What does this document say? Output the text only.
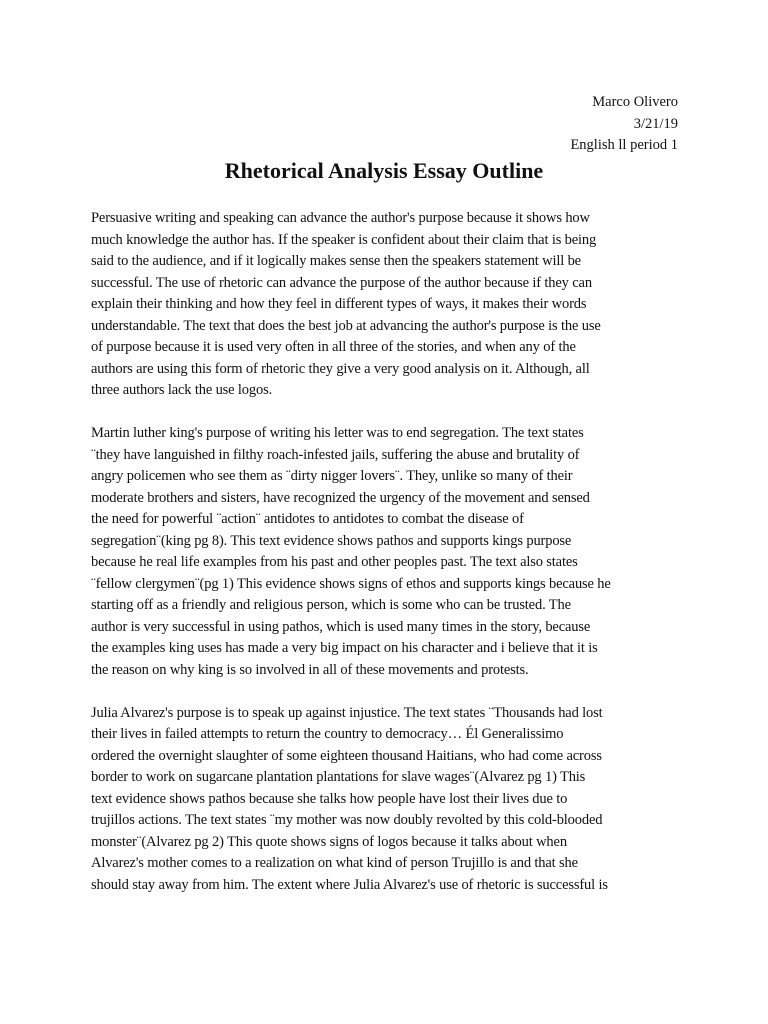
Marco Olivero
3/21/19
English ll period 1
Rhetorical Analysis Essay Outline
Persuasive writing and speaking can advance the author's purpose because it shows how
much knowledge the author has. If the speaker is confident about their claim that is being
said to the audience, and if it logically makes sense then the speakers statement will be
successful. The use of rhetoric can advance the purpose of the author because if they can
explain their thinking and how they feel in different types of ways, it makes their words
understandable. The text that does the best job at advancing the author's purpose is the use
of purpose because it is used very often in all three of the stories, and when any of the
authors are using this form of rhetoric they give a very good analysis on it. Although, all
three authors lack the use logos.
Martin luther king's purpose of writing his letter was to end segregation. The text states
¨they have languished in filthy roach-infested jails, suffering the abuse and brutality of
angry policemen who see them as ¨dirty nigger lovers¨. They, unlike so many of their
moderate brothers and sisters, have recognized the urgency of the movement and sensed
the need for powerful ¨action¨ antidotes to antidotes to combat the disease of
segregation¨(king pg 8). This text evidence shows pathos and supports kings purpose
because he real life examples from his past and other peoples past. The text also states
¨fellow clergymen¨(pg 1) This evidence shows signs of ethos and supports kings because he
starting off as a friendly and religious person, which is some who can be trusted. The
author is very successful in using pathos, which is used many times in the story, because
the examples king uses has made a very big impact on his character and i believe that it is
the reason on why king is so involved in all of these movements and protests.
Julia Alvarez's purpose is to speak up against injustice. The text states ¨Thousands had lost
their lives in failed attempts to return the country to democracy… Él Generalissimo
ordered the overnight slaughter of some eighteen thousand Haitians, who had come across
border to work on sugarcane plantation plantations for slave wages¨(Alvarez pg 1) This
text evidence shows pathos because she talks how people have lost their lives due to
trujillos actions. The text states ¨my mother was now doubly revolted by this cold-blooded
monster¨(Alvarez pg 2) This quote shows signs of logos because it talks about when
Alvarez's mother comes to a realization on what kind of person Trujillo is and that she
should stay away from him. The extent where Julia Alvarez's use of rhetoric is successful is
